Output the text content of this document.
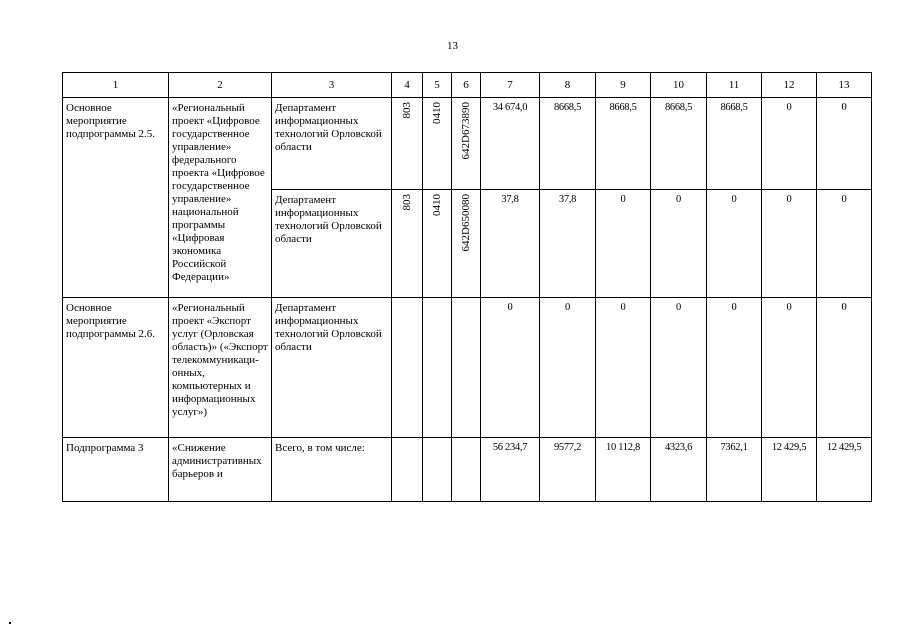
13
1	2	3	4	5	6	7	8	9	10	11	12	13
Основное мероприятие подпрограммы 2.5.	«Региональный проект «Цифровое государственное управление» федерального проекта «Цифровое государственное управление» национальной программы «Цифровая экономика Российской Федерации»	Департамент информационных технологий Орловской области	803	0410	642D673890	34 674,0	8668,5	8668,5	8668,5	8668,5	0	0
		Департамент информационных технологий Орловской области	803	0410	642D650080	37,8	37,8	0	0	0	0	0
Основное мероприятие подпрограммы 2.6.	«Региональный проект «Экспорт услуг (Орловская область)» («Экспорт телекоммуникаци-онных, компьютерных и информационных услуг»)	Департамент информационных технологий Орловской области				0	0	0	0	0	0	0
Подпрограмма 3	«Снижение административных барьеров и	Всего, в том числе:				56 234,7	9577,2	10 112,8	4323,6	7362,1	12 429,5	12 429,5
